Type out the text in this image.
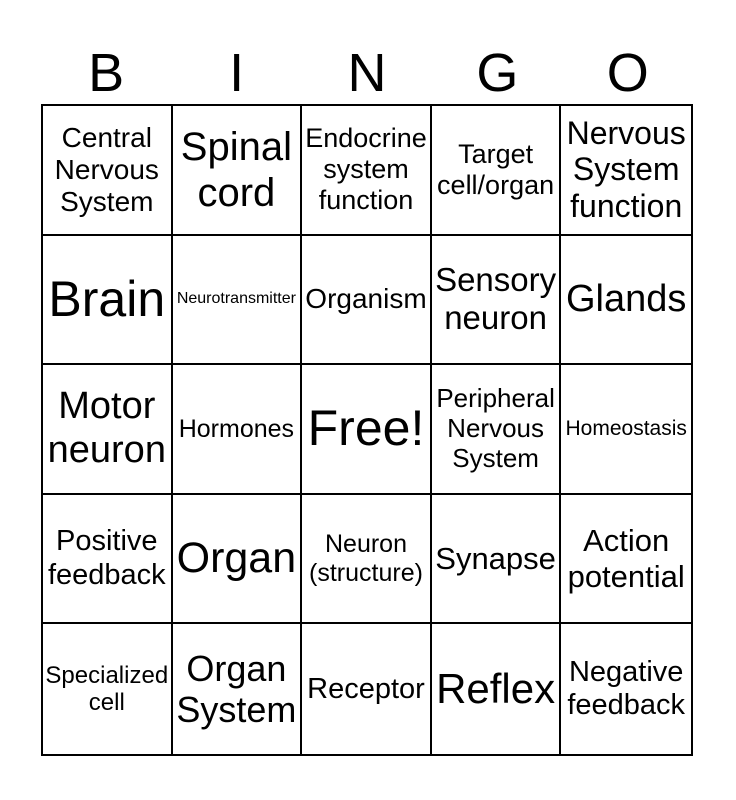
B I N G O
Central Nervous System
Spinal cord
Endocrine system function
Target cell/organ
Nervous System function
Brain Neurotransmitter Organism
Sensory neuron Glands
Motor neuron
Hormones Free!
Peripheral Nervous System
Homeostasis
Positive feedback Organ	Neuron (structure) Synapse
Action potential
Specialized cell
Organ System
Receptor Reflex Negative feedback
